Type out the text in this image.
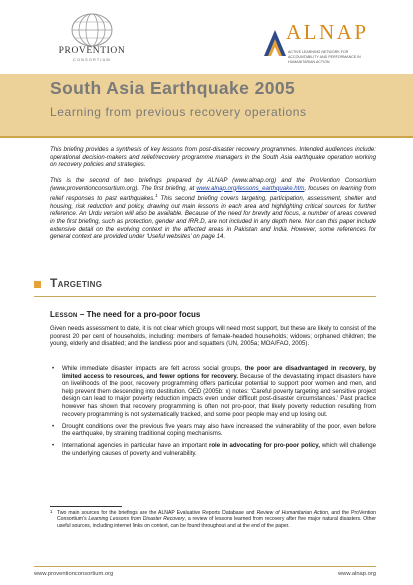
PROVENTION
CONSORTIUM
ALNAP
ACTIVE LEARNING NETWORK FOR ACCOUNTABILITY AND PERFORMANCE IN HUMANITARIAN ACTION
South Asia Earthquake 2005
Learning from previous recovery operations

This briefing provides a synthesis of key lessons from post-disaster recovery programmes. Intended audiences include: operational decision-makers and relief/recovery programme managers in the South Asia earthquake operation working on recovery policies and strategies.

This is the second of two briefings prepared by ALNAP (www.alnap.org) and the ProVention Consortium (www.proventionconsortium.org). The first briefing, at www.alnap.org/lessons_earthquake.htm, focuses on learning from relief responses to past earthquakes.$^1$ This second briefing covers targeting, participation, assessment, shelter and housing, risk reduction and policy, drawing out main lessons in each area and highlighting critical sources for further reference. An Urdu version will also be available. Because of the need for brevity and focus, a number of areas covered in the first briefing, such as protection, gender and IRR.D, are not included in any depth here. Nor can this paper include extensive detail on the evolving context in the affected areas in Pakistan and India. However, some references for general context are provided under ‘Useful websites’ on page 14.

Targeting
Lesson – The need for a pro-poor focus

Given needs assessment to date, it is not clear which groups will need most support, but these are likely to consist of the poorest 20 per cent of households, including: members of female-headed households; widows; orphaned children; the young, elderly and disabled; and the landless poor and squatters (UN, 2005a; MOA/FAO, 2005).

• While immediate disaster impacts are felt across social groups, the poor are disadvantaged in recovery, by limited access to resources, and fewer options for recovery. Because of the devastating impact disasters have on livelihoods of the poor, recovery programming offers particular potential to support poor women and men, and help prevent them descending into destitution. OED (2005b: x) notes: ‘Careful poverty targeting and sensitive project design can lead to major poverty reduction impacts even under difficult post-disaster circumstances.’ Past practice however has shown that recovery programming is often not pro-poor, that likely poverty reduction resulting from recovery programming is not systematically tracked, and some poor people may end up losing out.
• Drought conditions over the previous five years may also have increased the vulnerability of the poor, even before the earthquake, by straining traditional coping mechanisms.
• International agencies in particular have an important role in advocating for pro-poor policy, which will challenge the underlying causes of poverty and vulnerability.
1 Two main sources for the briefings are the ALNAP Evaluative Reports Database and Review of Humanitarian Action, and the ProVention Consortium’s Learning Lessons from Disaster Recovery, a review of lessons learned from recovery after five major natural disasters. Other useful sources, including internet links on context, can be found throughout and at the end of the paper.
www.proventionconsortium.org	www.alnap.org
